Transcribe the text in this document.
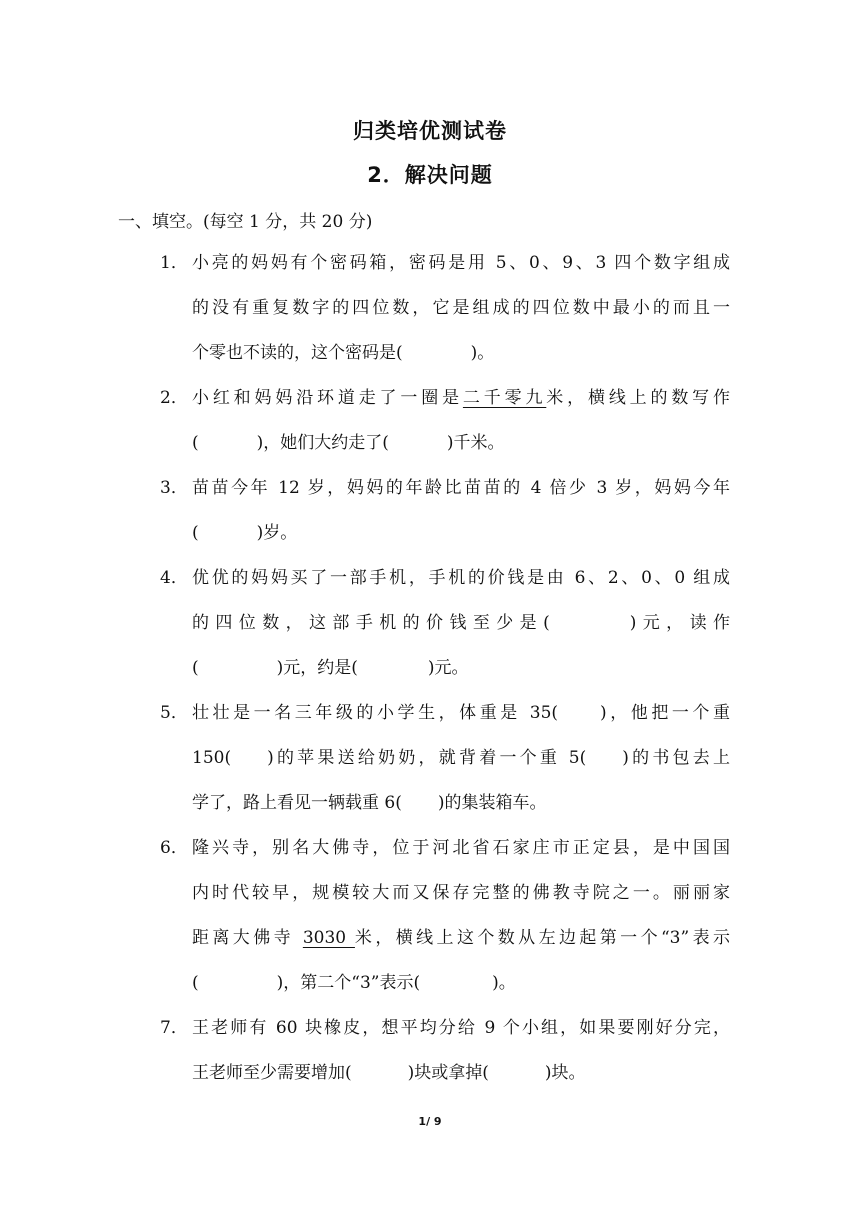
归类培优测试卷
2．解决问题
一、填空。(每空 1 分，共 20 分)
1． 小亮的妈妈有个密码箱，密码是用 5、0、9、3 四个数字组成
的没有重复数字的四位数，它是组成的四位数中最小的而且一
个零也不读的，这个密码是(	)。
2． 小红和妈妈沿环道走了一圈是二千零九米，横线上的数写作
(	)，她们大约走了(	)千米。
3． 苗苗今年 12 岁，妈妈的年龄比苗苗的 4 倍少 3 岁，妈妈今年
(	)岁。
4． 优优的妈妈买了一部手机，手机的价钱是由 6、2、0、0 组成
的四位数，这部手机的价钱至少是(	)元，读作
(	)元，约是(	)元。
5． 壮壮是一名三年级的小学生，体重是 35( )，他把一个重
150( )的苹果送给奶奶，就背着一个重 5( )的书包去上
学了，路上看见一辆载重 6( )的集装箱车。
6． 隆兴寺，别名大佛寺，位于河北省石家庄市正定县，是中国国
内时代较早，规模较大而又保存完整的佛教寺院之一。丽丽家
距离大佛寺 3030 米，横线上这个数从左边起第一个“3”表示
(	)，第二个“3”表示(	)。
7． 王老师有 60 块橡皮，想平均分给 9 个小组，如果要刚好分完，
王老师至少需要增加(	)块或拿掉(	)块。
1/ 9
